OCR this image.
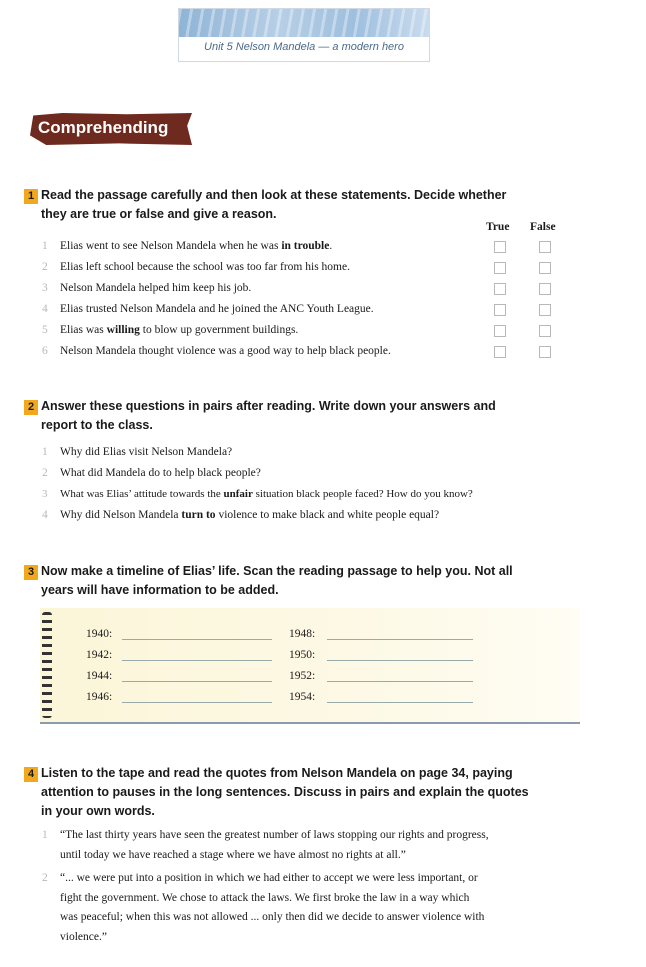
Unit 5 Nelson Mandela — a modern hero
Comprehending
1 Read the passage carefully and then look at these statements. Decide whether
they are true or false and give a reason.
True False
1 Elias went to see Nelson Mandela when he was in trouble.
2 Elias left school because the school was too far from his home.
3 Nelson Mandela helped him keep his job.
4 Elias trusted Nelson Mandela and he joined the ANC Youth League.
5 Elias was willing to blow up government buildings.
6 Nelson Mandela thought violence was a good way to help black people.
2 Answer these questions in pairs after reading. Write down your answers and
report to the class.
1 Why did Elias visit Nelson Mandela?
2 What did Mandela do to help black people?
3 What was Elias’ attitude towards the unfair situation black people faced? How do you know?
4 Why did Nelson Mandela turn to violence to make black and white people equal?
3 Now make a timeline of Elias’ life. Scan the reading passage to help you. Not all
years will have information to be added.
1940:
1942:
1944:
1946:
1948:
1950:
1952:
1954:
4 Listen to the tape and read the quotes from Nelson Mandela on page 34, paying
attention to pauses in the long sentences. Discuss in pairs and explain the quotes
in your own words.
1 “The last thirty years have seen the greatest number of laws stopping our rights and progress,
until today we have reached a stage where we have almost no rights at all.”
2 “... we were put into a position in which we had either to accept we were less important, or
fight the government. We chose to attack the laws. We first broke the law in a way which
was peaceful; when this was not allowed ... only then did we decide to answer violence with
violence.”
